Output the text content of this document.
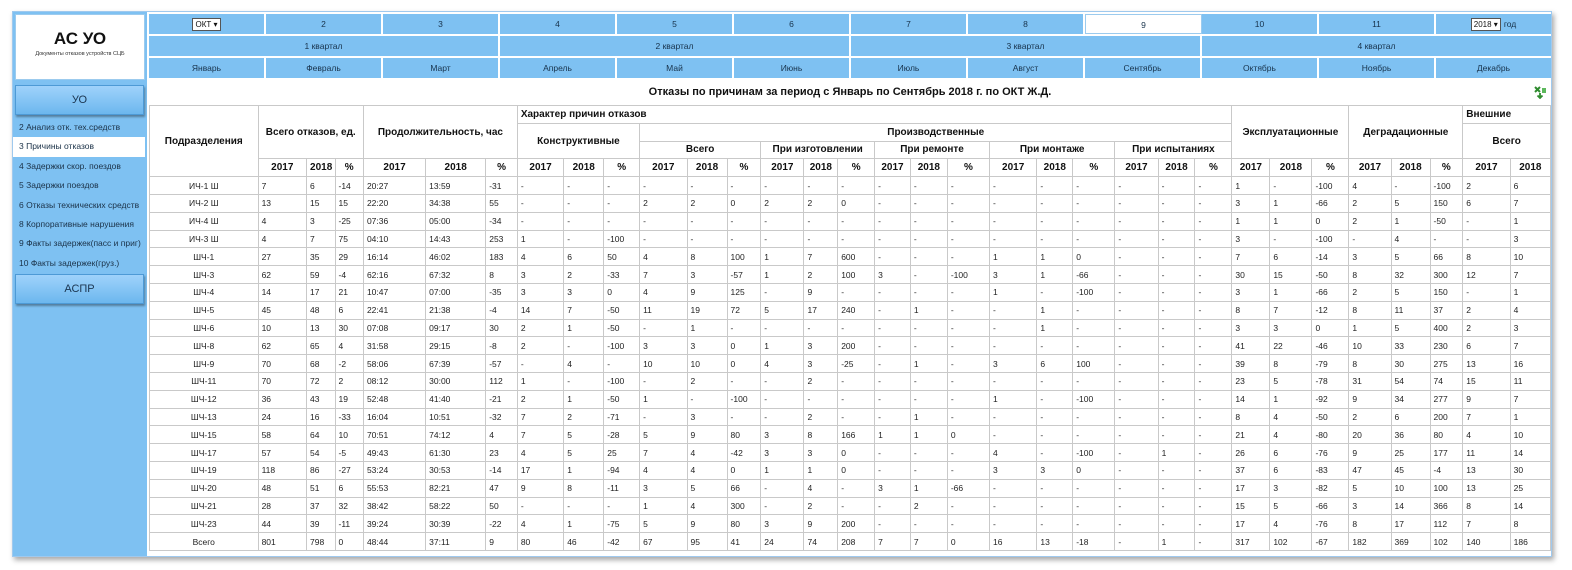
АС УО
Документы отказов устройств СЦБ
УО
2 Анализ отк. тех.средств
3 Причины отказов
4 Задержки скор. поездов
5 Задержки поездов
6 Отказы технических средств
8 Корпоративные нарушения
9 Факты задержек(пасс и приг)
10 Факты задержек(груз.)
АСПР
ОКТ ▾	2	3	4	5	6	7	8	9	10	11	2018 ▾ год
1 квартал	2 квартал	3 квартал	4 квартал
Январь	Февраль	Март	Апрель	Май	Июнь	Июль	Август	Сентябрь	Октябрь	Ноябрь	Декабрь
Отказы по причинам за период с Январь по Сентябрь 2018 г. по ОКТ Ж.Д.
Подразделения	Всего отказов, ед.			Продолжительность, час			Характер причин отказов																		Эксплуатационные			Деградационные			Внешние	
							Конструктивные			Производственные																					Всего	
										Всего			При изготовлении			При ремонте			При монтаже			При испытаниях										
	2017	2018	%	2017	2018	%	2017	2018	%	2017	2018	%	2017	2018	%	2017	2018	%	2017	2018	%	2017	2018	%	2017	2018	%	2017	2018	%	2017	2018
ИЧ-1 Ш	7	6	-14	20:27	13:59	-31	-	-	-	-	-	-	-	-	-	-	-	-	-	-	-	-	-	-	1	-	-100	4	-	-100	2	6
ИЧ-2 Ш	13	15	15	22:20	34:38	55	-	-	-	2	2	0	2	2	0	-	-	-	-	-	-	-	-	-	3	1	-66	2	5	150	6	7
ИЧ-4 Ш	4	3	-25	07:36	05:00	-34	-	-	-	-	-	-	-	-	-	-	-	-	-	-	-	-	-	-	1	1	0	2	1	-50	-	1
ИЧ-3 Ш	4	7	75	04:10	14:43	253	1	-	-100	-	-	-	-	-	-	-	-	-	-	-	-	-	-	-	3	-	-100	-	4	-	-	3
ШЧ-1	27	35	29	16:14	46:02	183	4	6	50	4	8	100	1	7	600	-	-	-	1	1	0	-	-	-	7	6	-14	3	5	66	8	10
ШЧ-3	62	59	-4	62:16	67:32	8	3	2	-33	7	3	-57	1	2	100	3	-	-100	3	1	-66	-	-	-	30	15	-50	8	32	300	12	7
ШЧ-4	14	17	21	10:47	07:00	-35	3	3	0	4	9	125	-	9	-	-	-	-	1	-	-100	-	-	-	3	1	-66	2	5	150	-	1
ШЧ-5	45	48	6	22:41	21:38	-4	14	7	-50	11	19	72	5	17	240	-	1	-	-	1	-	-	-	-	8	7	-12	8	11	37	2	4
ШЧ-6	10	13	30	07:08	09:17	30	2	1	-50	-	1	-	-	-	-	-	-	-	-	1	-	-	-	-	3	3	0	1	5	400	2	3
ШЧ-8	62	65	4	31:58	29:15	-8	2	-	-100	3	3	0	1	3	200	-	-	-	-	-	-	-	-	-	41	22	-46	10	33	230	6	7
ШЧ-9	70	68	-2	58:06	67:39	-57	-	4	-	10	10	0	4	3	-25	-	1	-	3	6	100	-	-	-	39	8	-79	8	30	275	13	16
ШЧ-11	70	72	2	08:12	30:00	112	1	-	-100	-	2	-	-	2	-	-	-	-	-	-	-	-	-	-	23	5	-78	31	54	74	15	11
ШЧ-12	36	43	19	52:48	41:40	-21	2	1	-50	1	-	-100	-	-	-	-	-	-	1	-	-100	-	-	-	14	1	-92	9	34	277	9	7
ШЧ-13	24	16	-33	16:04	10:51	-32	7	2	-71	-	3	-	-	2	-	-	1	-	-	-	-	-	-	-	8	4	-50	2	6	200	7	1
ШЧ-15	58	64	10	70:51	74:12	4	7	5	-28	5	9	80	3	8	166	1	1	0	-	-	-	-	-	-	21	4	-80	20	36	80	4	10
ШЧ-17	57	54	-5	49:43	61:30	23	4	5	25	7	4	-42	3	3	0	-	-	-	4	-	-100	-	1	-	26	6	-76	9	25	177	11	14
ШЧ-19	118	86	-27	53:24	30:53	-14	17	1	-94	4	4	0	1	1	0	-	-	-	3	3	0	-	-	-	37	6	-83	47	45	-4	13	30
ШЧ-20	48	51	6	55:53	82:21	47	9	8	-11	3	5	66	-	4	-	3	1	-66	-	-	-	-	-	-	17	3	-82	5	10	100	13	25
ШЧ-21	28	37	32	38:42	58:22	50	-	-	-	1	4	300	-	2	-	-	2	-	-	-	-	-	-	-	15	5	-66	3	14	366	8	14
ШЧ-23	44	39	-11	39:24	30:39	-22	4	1	-75	5	9	80	3	9	200	-	-	-	-	-	-	-	-	-	17	4	-76	8	17	112	7	8
Всего	801	798	0	48:44	37:11	9	80	46	-42	67	95	41	24	74	208	7	7	0	16	13	-18	-	1	-	317	102	-67	182	369	102	140	186
